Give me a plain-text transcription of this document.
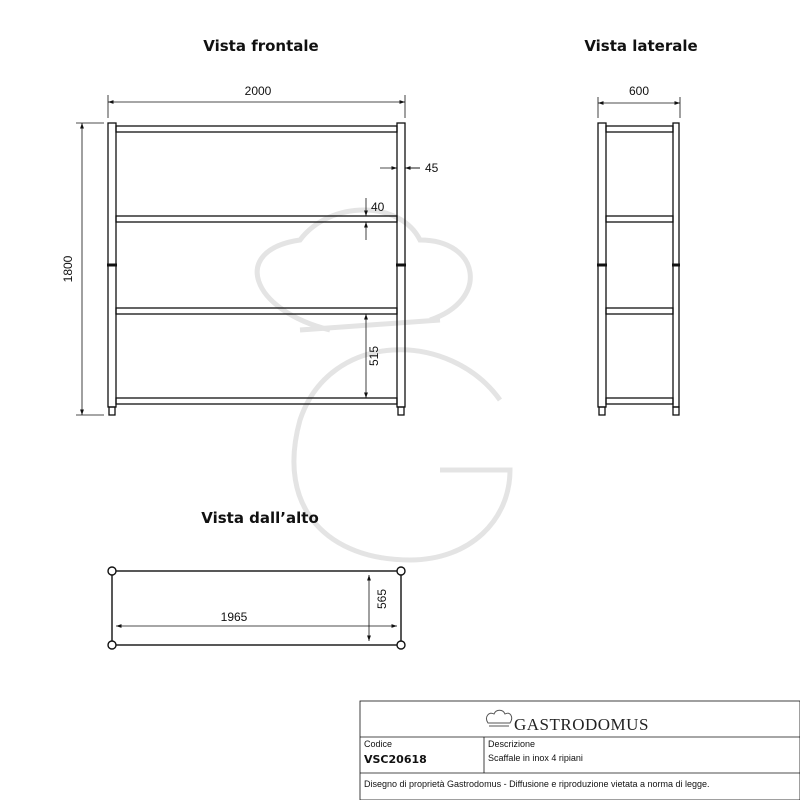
Vista frontale	Vista laterale
Vista dall’alto
2000
1800
45
40
515
600
1965
565
GASTRODOMUS
Codice
VSC20618
Descrizione
Scaffale in inox 4 ripiani
Disegno di proprietà Gastrodomus - Diffusione e riproduzione vietata a norma di legge.
